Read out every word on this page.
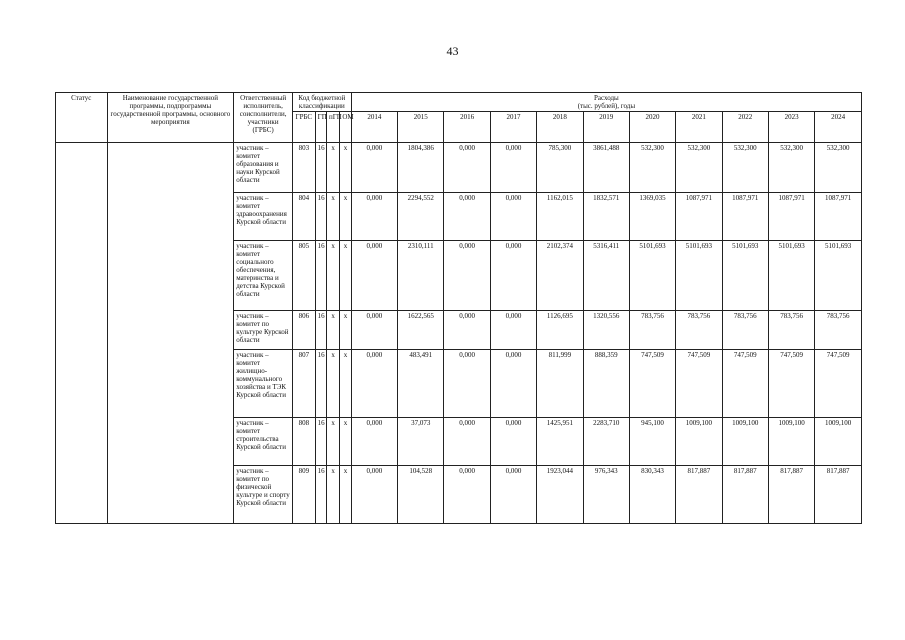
43
Статус	Наименование государственной программы, подпрограммы государственной программы, основного мероприятия	Ответственный исполнитель, соисполнители, участники (ГРБС)	Код бюджетной классификации				Расходы
(тыс. рублей), годы										

			ГРБС	ГП	пГП	ОМ	2014	2015	2016	2017	2018	2019	2020	2021	2022	2023	2024
		участник – комитет образования и науки Курской области	803	16	х	х	0,000	1804,386	0,000	0,000	785,300	3861,488	532,300	532,300	532,300	532,300	532,300
		участник – комитет здравоохранения Курской области	804	16	х	х	0,000	2294,552	0,000	0,000	1162,015	1832,571	1369,035	1087,971	1087,971	1087,971	1087,971
		участник – комитет социального обеспечения, материнства и детства Курской области	805	16	х	х	0,000	2310,111	0,000	0,000	2102,374	5316,411	5101,693	5101,693	5101,693	5101,693	5101,693
		участник – комитет по культуре Курской области	806	16	х	х	0,000	1622,565	0,000	0,000	1126,695	1320,556	783,756	783,756	783,756	783,756	783,756
		участник – комитет жилищно-коммунального хозяйства и ТЭК Курской области	807	16	х	х	0,000	483,491	0,000	0,000	811,999	888,359	747,509	747,509	747,509	747,509	747,509
		участник – комитет строительства Курской области	808	16	х	х	0,000	37,073	0,000	0,000	1425,951	2283,710	945,100	1009,100	1009,100	1009,100	1009,100
		участник – комитет по физической культуре и спорту Курской области	809	16	х	х	0,000	104,528	0,000	0,000	1923,044	976,343	830,343	817,887	817,887	817,887	817,887
